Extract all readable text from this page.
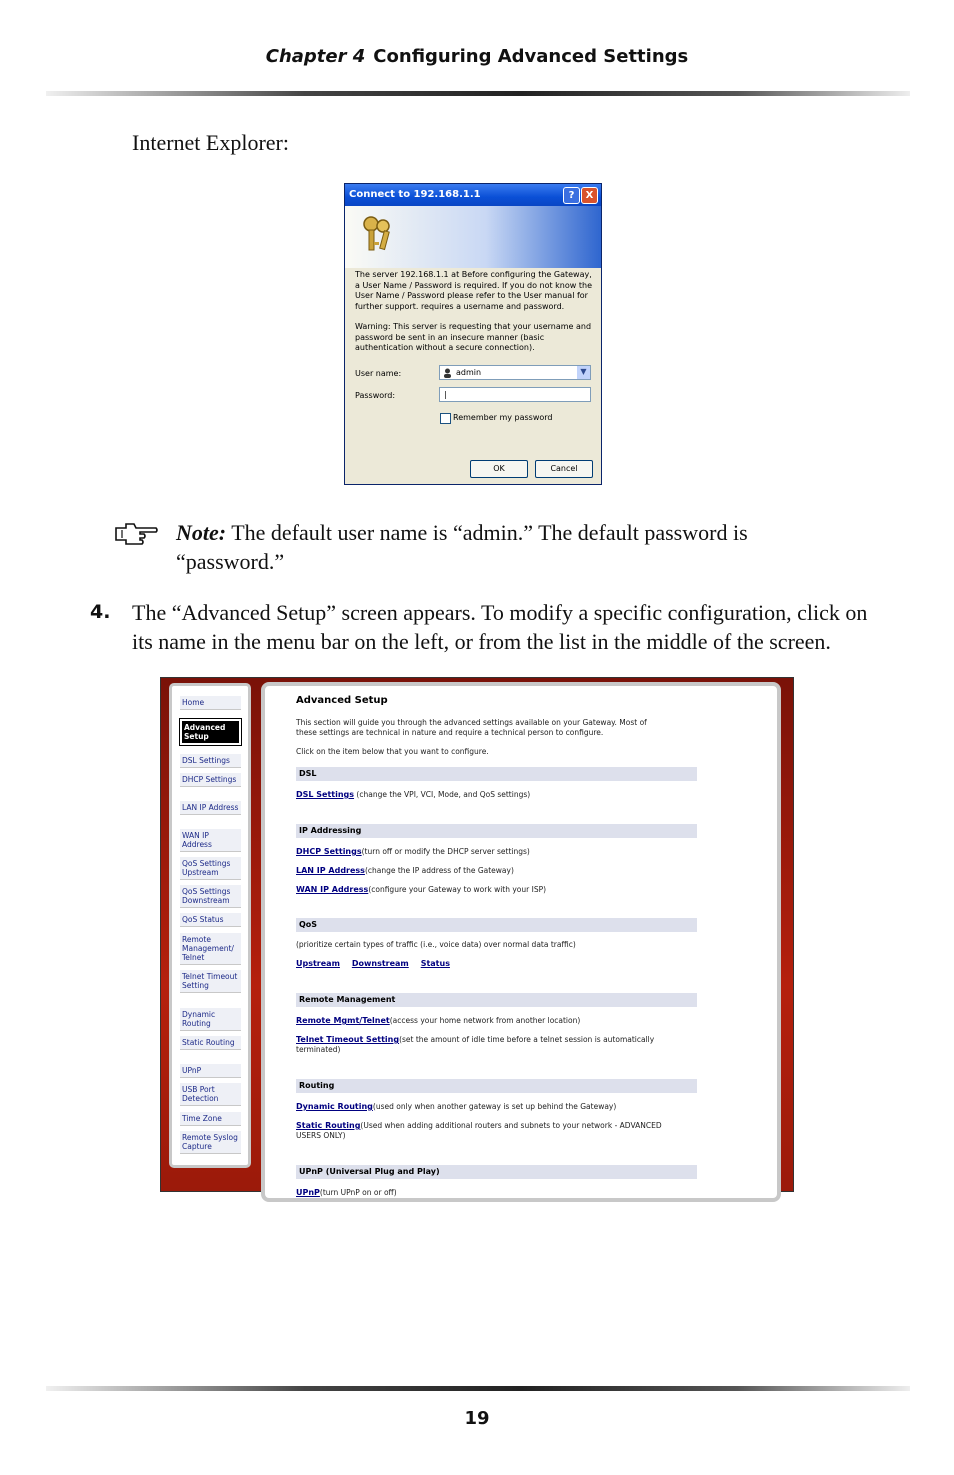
Chapter 4 Configuring Advanced Settings
Internet Explorer:
Connect to 192.168.1.1	?	X
The server 192.168.1.1 at Before configuring the Gateway, a User Name / Password is required. If you do not know the User Name / Password please refer to the User manual for further support. requires a username and password.
Warning: This server is requesting that your username and password be sent in an insecure manner (basic authentication without a secure connection).
User name:	admin	▼
Password:	|
Remember my password
OK	Cancel
Note: The default user name is “admin.” The default password is
“password.”
4. The “Advanced Setup” screen appears. To modify a specific configuration, click on
its name in the menu bar on the left, or from the list in the middle of the screen.
Home
Advanced Setup
DSL Settings
DHCP Settings
LAN IP Address
WAN IP Address
QoS Settings Upstream
QoS Settings Downstream
QoS Status
Remote Management/ Telnet
Telnet Timeout Setting
Dynamic Routing
Static Routing
UPnP
USB Port Detection
Time Zone
Remote Syslog Capture
Advanced Setup
This section will guide you through the advanced settings available on your Gateway. Most of
these settings are technical in nature and require a technical person to configure.
Click on the item below that you want to configure.
DSL
DSL Settings (change the VPI, VCI, Mode, and QoS settings)
IP Addressing
DHCP Settings(turn off or modify the DHCP server settings)
LAN IP Address(change the IP address of the Gateway)
WAN IP Address(configure your Gateway to work with your ISP)
QoS
(prioritize certain types of traffic (i.e., voice data) over normal data traffic)
Upstream Downstream Status
Remote Management
Remote Mgmt/Telnet(access your home network from another location)
Telnet Timeout Setting(set the amount of idle time before a telnet session is automatically
terminated)
Routing
Dynamic Routing(used only when another gateway is set up behind the Gateway)
Static Routing(Used when adding additional routers and subnets to your network - ADVANCED
USERS ONLY)
UPnP (Universal Plug and Play)
UPnP(turn UPnP on or off)
19
